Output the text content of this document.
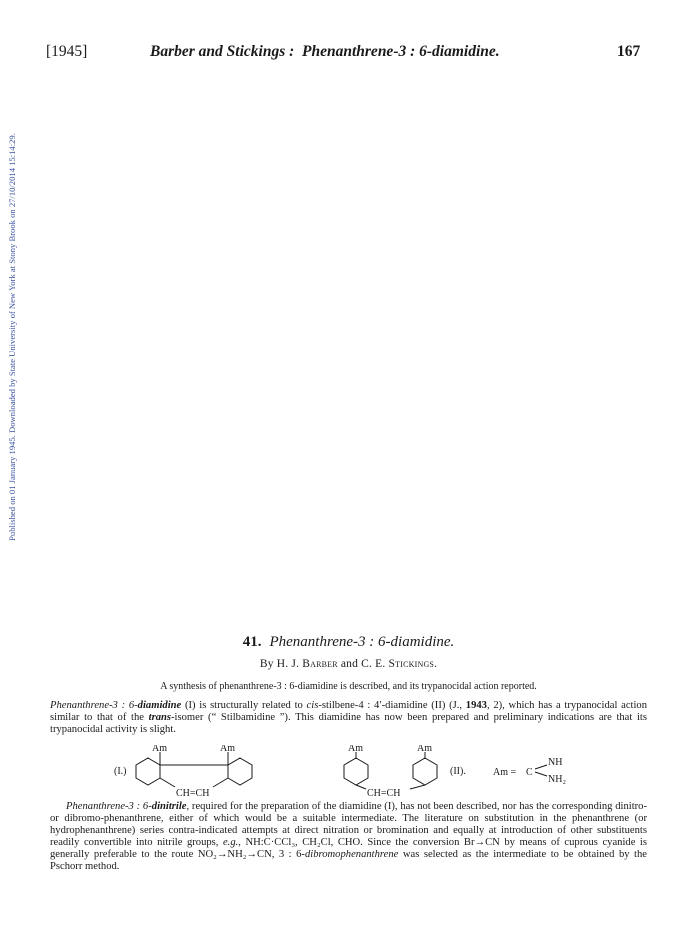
Published on 01 January 1945. Downloaded by State University of New York at Stony Brook on 27/10/2014 15:14:29.
[1945]	Barber and Stickings : Phenanthrene-3 : 6-diamidine.	167
41. Phenanthrene-3 : 6-diamidine.
By H. J. Barber and C. E. Stickings.
A synthesis of phenanthrene-3 : 6-diamidine is described, and its trypanocidal action reported.
Phenanthrene-3 : 6-diamidine (I) is structurally related to cis-stilbene-4 : 4′-diamidine (II) (J., 1943, 2), which has a trypanocidal action similar to that of the trans-isomer (“ Stilbamidine ”). This diamidine has now been prepared and preliminary indications are that its trypanocidal activity is slight.
(I.)
Am	Am
CH=CH
Am	Am
CH=CH
(II).	Am = C
NH
NH₂
Phenanthrene-3 : 6-dinitrile, required for the preparation of the diamidine (I), has not been described, nor has the corresponding dinitro- or dibromo-phenanthrene, either of which would be a suitable intermediate. The literature on substitution in the phenanthrene (or hydrophenanthrene) series contra-indicated attempts at direct nitration or bromination and equally at introduction of other substituents readily convertible into nitrile groups, e.g., NH:C·CCl₃, CH₂Cl, CHO. Since the conversion Br→CN by means of cuprous cyanide is generally preferable to the route NO₂→NH₂→CN, 3 : 6-dibromophenanthrene was selected as the intermediate to be obtained by the Pschorr method.
